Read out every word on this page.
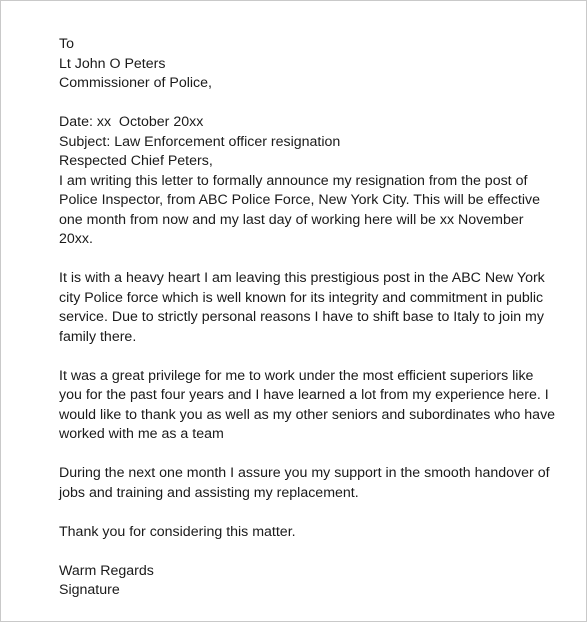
To
Lt John O Peters
Commissioner of Police,
Date: xx  October 20xx
Subject: Law Enforcement officer resignation
Respected Chief Peters,
I am writing this letter to formally announce my resignation from the post of
Police Inspector, from ABC Police Force, New York City. This will be effective
one month from now and my last day of working here will be xx November
20xx.
It is with a heavy heart I am leaving this prestigious post in the ABC New York
city Police force which is well known for its integrity and commitment in public
service. Due to strictly personal reasons I have to shift base to Italy to join my
family there.
It was a great privilege for me to work under the most efficient superiors like
you for the past four years and I have learned a lot from my experience here. I
would like to thank you as well as my other seniors and subordinates who have
worked with me as a team
During the next one month I assure you my support in the smooth handover of
jobs and training and assisting my replacement.
Thank you for considering this matter.
Warm Regards
Signature
